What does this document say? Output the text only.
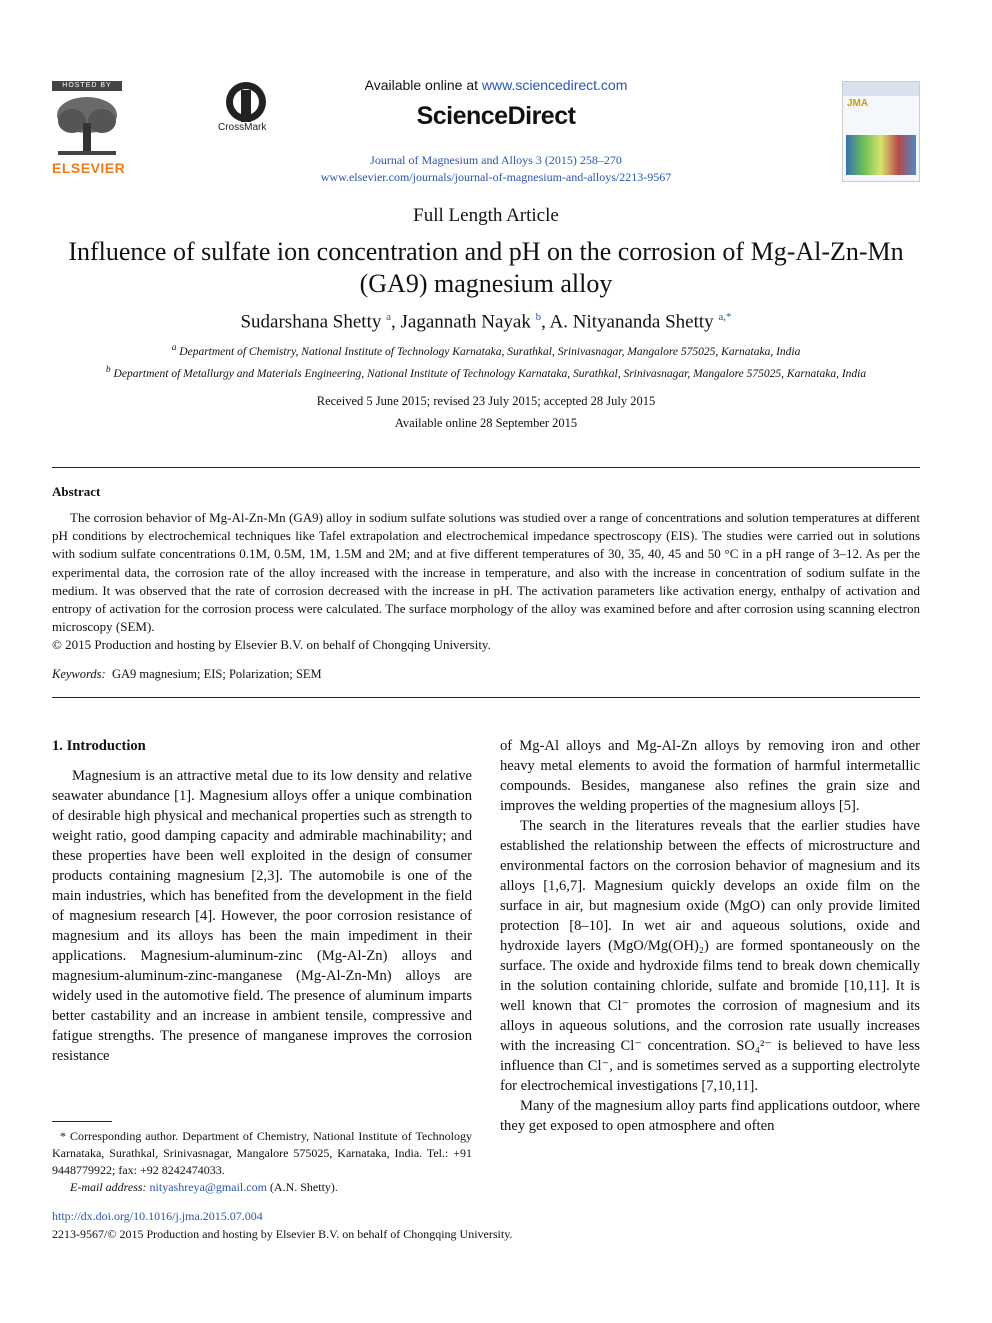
HOSTED BY
ELSEVIER
CrossMark
Available online at www.sciencedirect.com
ScienceDirect
Journal of Magnesium and Alloys 3 (2015) 258–270
www.elsevier.com/journals/journal-of-magnesium-and-alloys/2213-9567
JMA
Full Length Article
Influence of sulfate ion concentration and pH on the corrosion of Mg-Al-Zn-Mn (GA9) magnesium alloy
Sudarshana Shetty $^a$, Jagannath Nayak $^b$, A. Nityananda Shetty $^{a,*}$
$^a$ Department of Chemistry, National Institute of Technology Karnataka, Surathkal, Srinivasnagar, Mangalore 575025, Karnataka, India
$^b$ Department of Metallurgy and Materials Engineering, National Institute of Technology Karnataka, Surathkal, Srinivasnagar, Mangalore 575025, Karnataka, India
Received 5 June 2015; revised 23 July 2015; accepted 28 July 2015
Available online 28 September 2015
Abstract

The corrosion behavior of Mg-Al-Zn-Mn (GA9) alloy in sodium sulfate solutions was studied over a range of concentrations and solution temperatures at different pH conditions by electrochemical techniques like Tafel extrapolation and electrochemical impedance spectroscopy (EIS). The studies were carried out in solutions with sodium sulfate concentrations 0.1M, 0.5M, 1M, 1.5M and 2M; and at five different temperatures of 30, 35, 40, 45 and 50 °C in a pH range of 3–12. As per the experimental data, the corrosion rate of the alloy increased with the increase in temperature, and also with the increase in concentration of sodium sulfate in the medium. It was observed that the rate of corrosion decreased with the increase in pH. The activation parameters like activation energy, enthalpy of activation and entropy of activation for the corrosion process were calculated. The surface morphology of the alloy was examined before and after corrosion using scanning electron microscopy (SEM).

© 2015 Production and hosting by Elsevier B.V. on behalf of Chongqing University.
Keywords: GA9 magnesium; EIS; Polarization; SEM
1. Introduction

Magnesium is an attractive metal due to its low density and relative seawater abundance [1]. Magnesium alloys offer a unique combination of desirable high physical and mechanical properties such as strength to weight ratio, good damping capacity and admirable machinability; and these properties have been well exploited in the design of consumer products containing magnesium [2,3]. The automobile is one of the main industries, which has benefited from the development in the field of magnesium research [4]. However, the poor corrosion resistance of magnesium and its alloys has been the main impediment in their applications. Magnesium-aluminum-zinc (Mg-Al-Zn) alloys and magnesium-aluminum-zinc-manganese (Mg-Al-Zn-Mn) alloys are widely used in the automotive field. The presence of aluminum imparts better castability and an increase in ambient tensile, compressive and fatigue strengths. The presence of manganese improves the corrosion resistance

of Mg-Al alloys and Mg-Al-Zn alloys by removing iron and other heavy metal elements to avoid the formation of harmful intermetallic compounds. Besides, manganese also refines the grain size and improves the welding properties of the magnesium alloys [5].

The search in the literatures reveals that the earlier studies have established the relationship between the effects of microstructure and environmental factors on the corrosion behavior of magnesium and its alloys [1,6,7]. Magnesium quickly develops an oxide film on the surface in air, but magnesium oxide (MgO) can only provide limited protection [8–10]. In wet air and aqueous solutions, oxide and hydroxide layers (MgO/Mg(OH)₂) are formed spontaneously on the surface. The oxide and hydroxide films tend to break down chemically in the solution containing chloride, sulfate and bromide [10,11]. It is well known that Cl⁻ promotes the corrosion of magnesium and its alloys in aqueous solutions, and the corrosion rate usually increases with the increasing Cl⁻ concentration. SO₄²⁻ is believed to have less influence than Cl⁻, and is sometimes served as a supporting electrolyte for electrochemical investigations [7,10,11].

Many of the magnesium alloy parts find applications outdoor, where they get exposed to open atmosphere and often

* Corresponding author. Department of Chemistry, National Institute of Technology Karnataka, Surathkal, Srinivasnagar, Mangalore 575025, Karnataka, India. Tel.: +91 9448779922; fax: +92 8242474033.

E-mail address: nityashreya@gmail.com (A.N. Shetty).

http://dx.doi.org/10.1016/j.jma.2015.07.004
2213-9567/© 2015 Production and hosting by Elsevier B.V. on behalf of Chongqing University.
